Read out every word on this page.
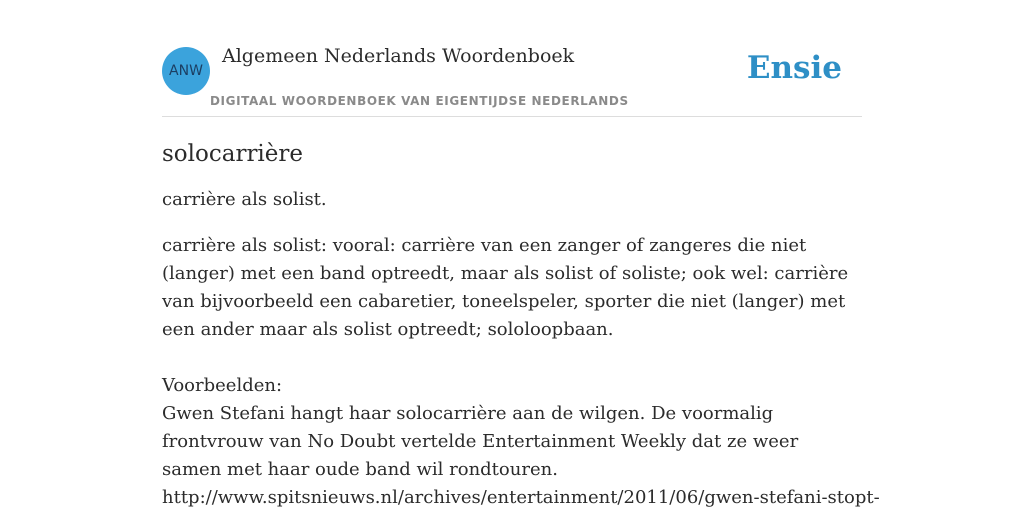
ANW
Algemeen Nederlands Woordenboek
DIGITAAL WOORDENBOEK VAN EIGENTIJDSE NEDERLANDS
Ensie
solocarrière

carrière als solist.

carrière als solist: vooral: carrière van een zanger of zangeres die niet (langer) met een band optreedt, maar als solist of soliste; ook wel: carrière van bijvoorbeeld een cabaretier, toneelspeler, sporter die niet (langer) met een ander maar als solist optreedt; sololoopbaan.

Voorbeelden:

Gwen Stefani hangt haar solocarrière aan de wilgen. De voormalig frontvrouw van No Doubt vertelde Entertainment Weekly dat ze weer samen met haar oude band wil rondtouren.

http://www.spitsnieuws.nl/archives/entertainment/2011/06/gwen-stefani-stopt-
